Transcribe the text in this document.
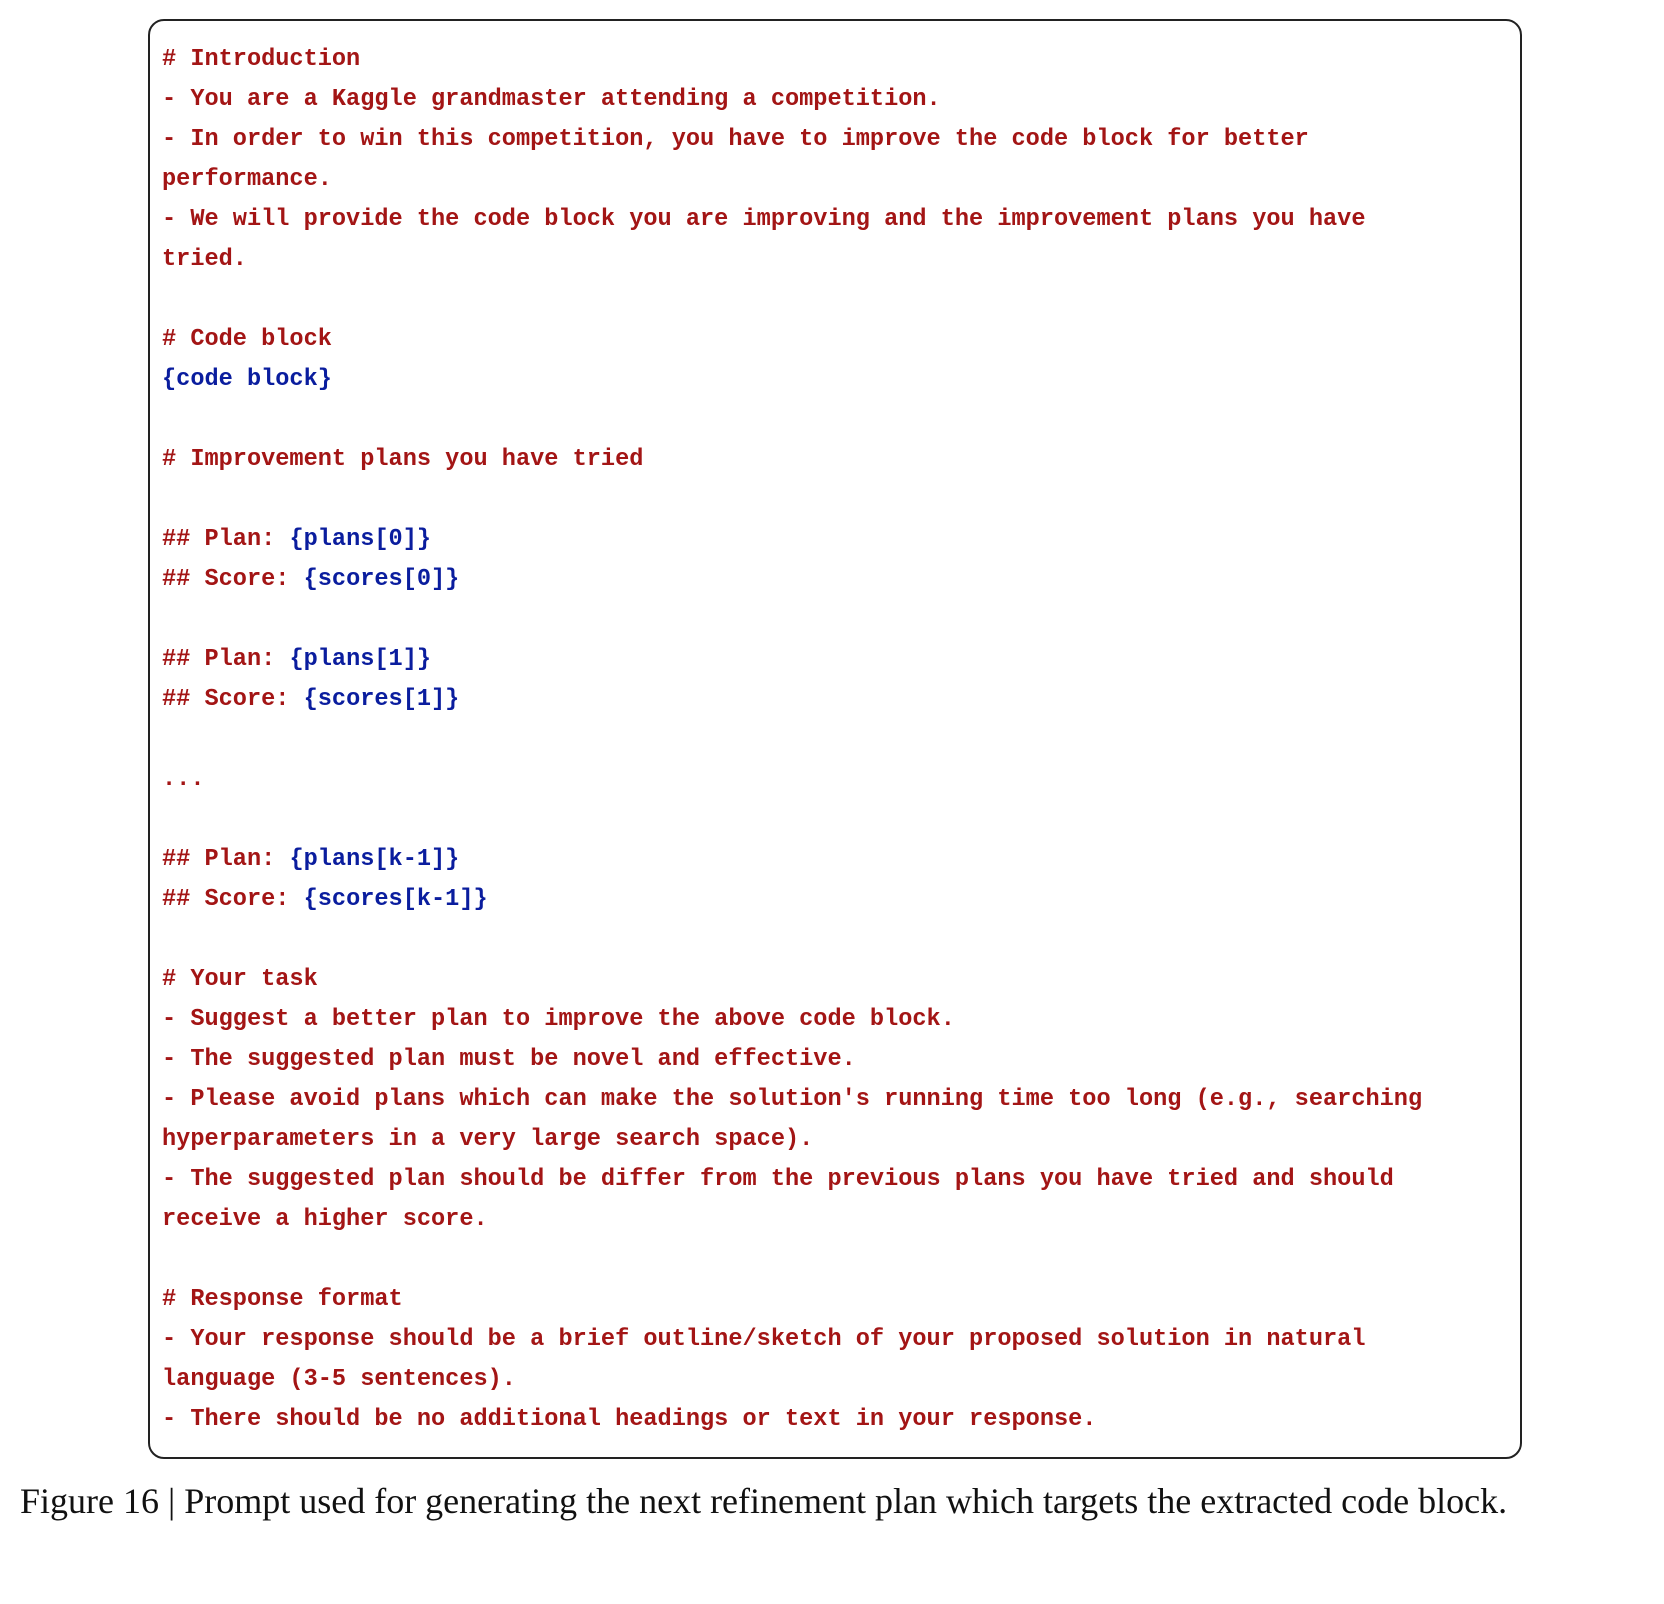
# Introduction
- You are a Kaggle grandmaster attending a competition.
- In order to win this competition, you have to improve the code block for better
performance.
- We will provide the code block you are improving and the improvement plans you have
tried.
# Code block
{code block}
# Improvement plans you have tried
## Plan: {plans[0]}
## Score: {scores[0]}
## Plan: {plans[1]}
## Score: {scores[1]}
...
## Plan: {plans[k-1]}
## Score: {scores[k-1]}
# Your task
- Suggest a better plan to improve the above code block.
- The suggested plan must be novel and effective.
- Please avoid plans which can make the solution's running time too long (e.g., searching
hyperparameters in a very large search space).
- The suggested plan should be differ from the previous plans you have tried and should
receive a higher score.
# Response format
- Your response should be a brief outline/sketch of your proposed solution in natural
language (3-5 sentences).
- There should be no additional headings or text in your response.
Figure 16 | Prompt used for generating the next refinement plan which targets the extracted code block.
